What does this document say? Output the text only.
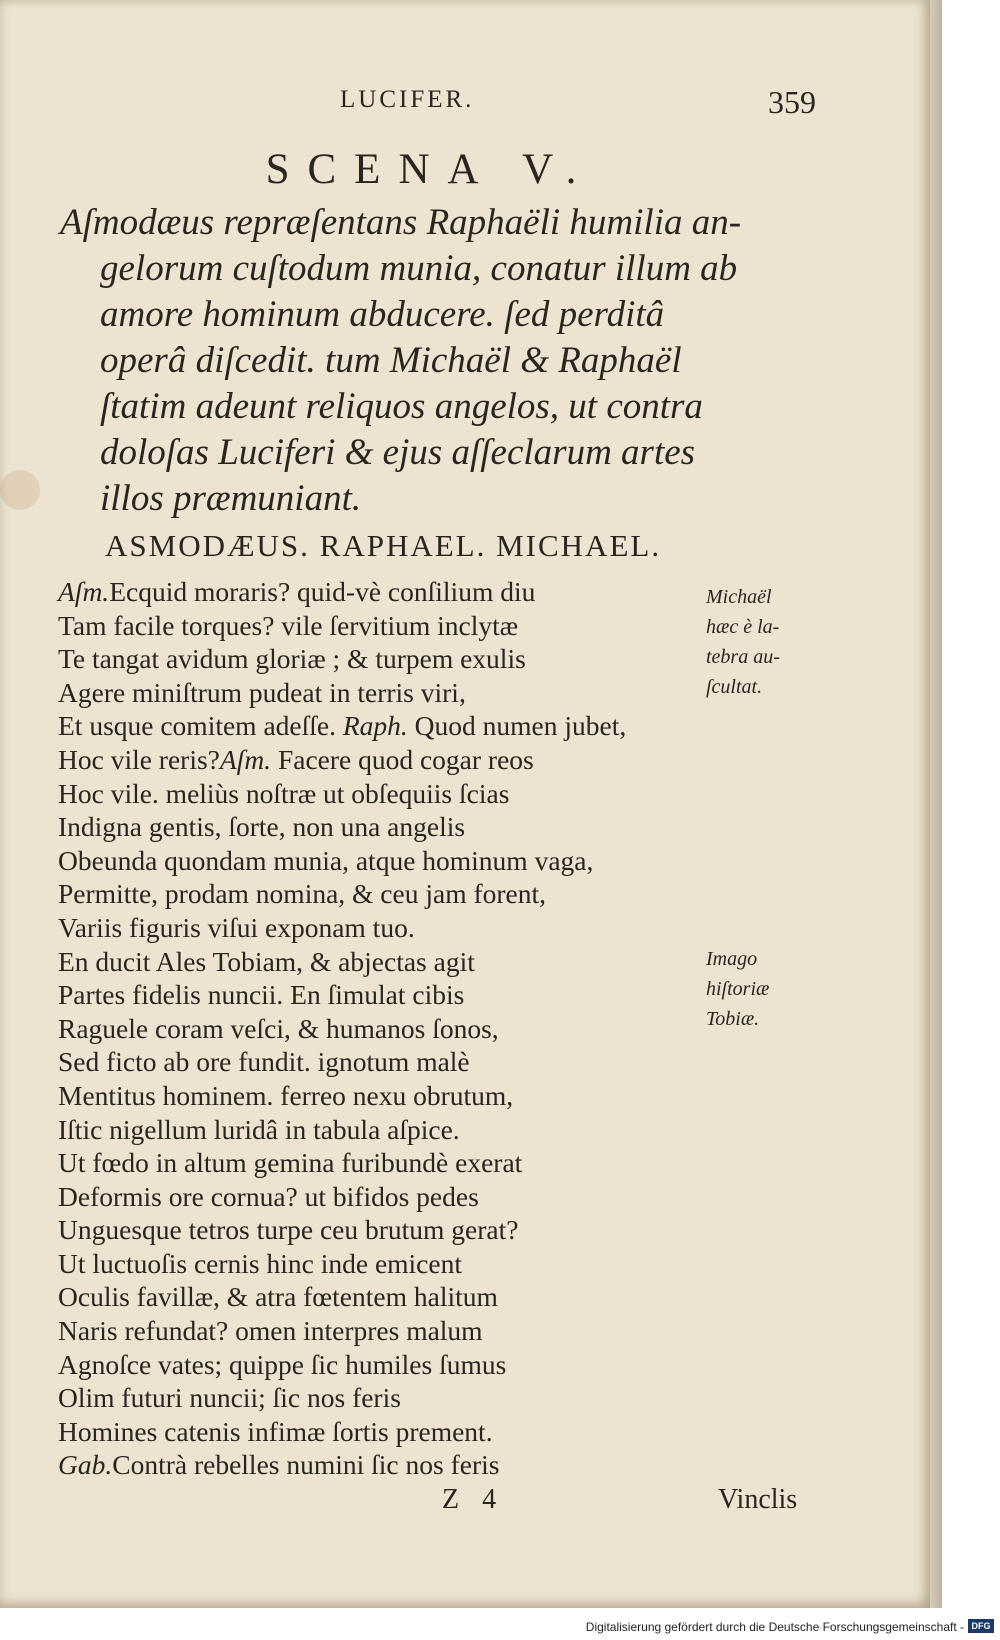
LUCIFER.	359
SCENA V.
Aſmodæus repræſentans Raphaëli humilia an-
gelorum cuſtodum munia, conatur illum ab
amore hominum abducere. ſed perditâ
operâ diſcedit. tum Michaël & Raphaël
ſtatim adeunt reliquos angelos, ut contra
doloſas Luciferi & ejus aſſeclarum artes
illos præmuniant.
ASMODÆUS. RAPHAEL. MICHAEL.
Aſm.Ecquid moraris? quid-vè conſilium diu
Tam facile torques? vile ſervitium inclytæ
Te tangat avidum gloriæ ; & turpem exulis
Agere miniſtrum pudeat in terris viri,
Et usque comitem adeſſe. Raph. Quod numen jubet,
Hoc vile reris?Aſm. Facere quod cogar reos
Hoc vile. meliùs noſtræ ut obſequiis ſcias
Indigna gentis, ſorte, non una angelis
Obeunda quondam munia, atque hominum vaga,
Permitte, prodam nomina, & ceu jam forent,
Variis figuris viſui exponam tuo.
En ducit Ales Tobiam, & abjectas agit
Partes fidelis nuncii. En ſimulat cibis
Raguele coram veſci, & humanos ſonos,
Sed ficto ab ore fundit. ignotum malè
Mentitus hominem. ferreo nexu obrutum,
Iſtic nigellum luridâ in tabula aſpice.
Ut fœdo in altum gemina furibundè exerat
Deformis ore cornua? ut bifidos pedes
Unguesque tetros turpe ceu brutum gerat?
Ut luctuoſis cernis hinc inde emicent
Oculis favillæ, & atra fœtentem halitum
Naris refundat? omen interpres malum
Agnoſce vates; quippe ſic humiles ſumus
Olim futuri nuncii; ſic nos feris
Homines catenis infimæ ſortis prement.
Gab.Contrà rebelles numini ſic nos feris
Michaël
hæc è la-
tebra au-
ſcultat.
Imago
hiſtoriæ
Tobiæ.
Z 4	Vinclis
Digitalisierung gefördert durch die Deutsche Forschungsgemeinschaft - DFG
